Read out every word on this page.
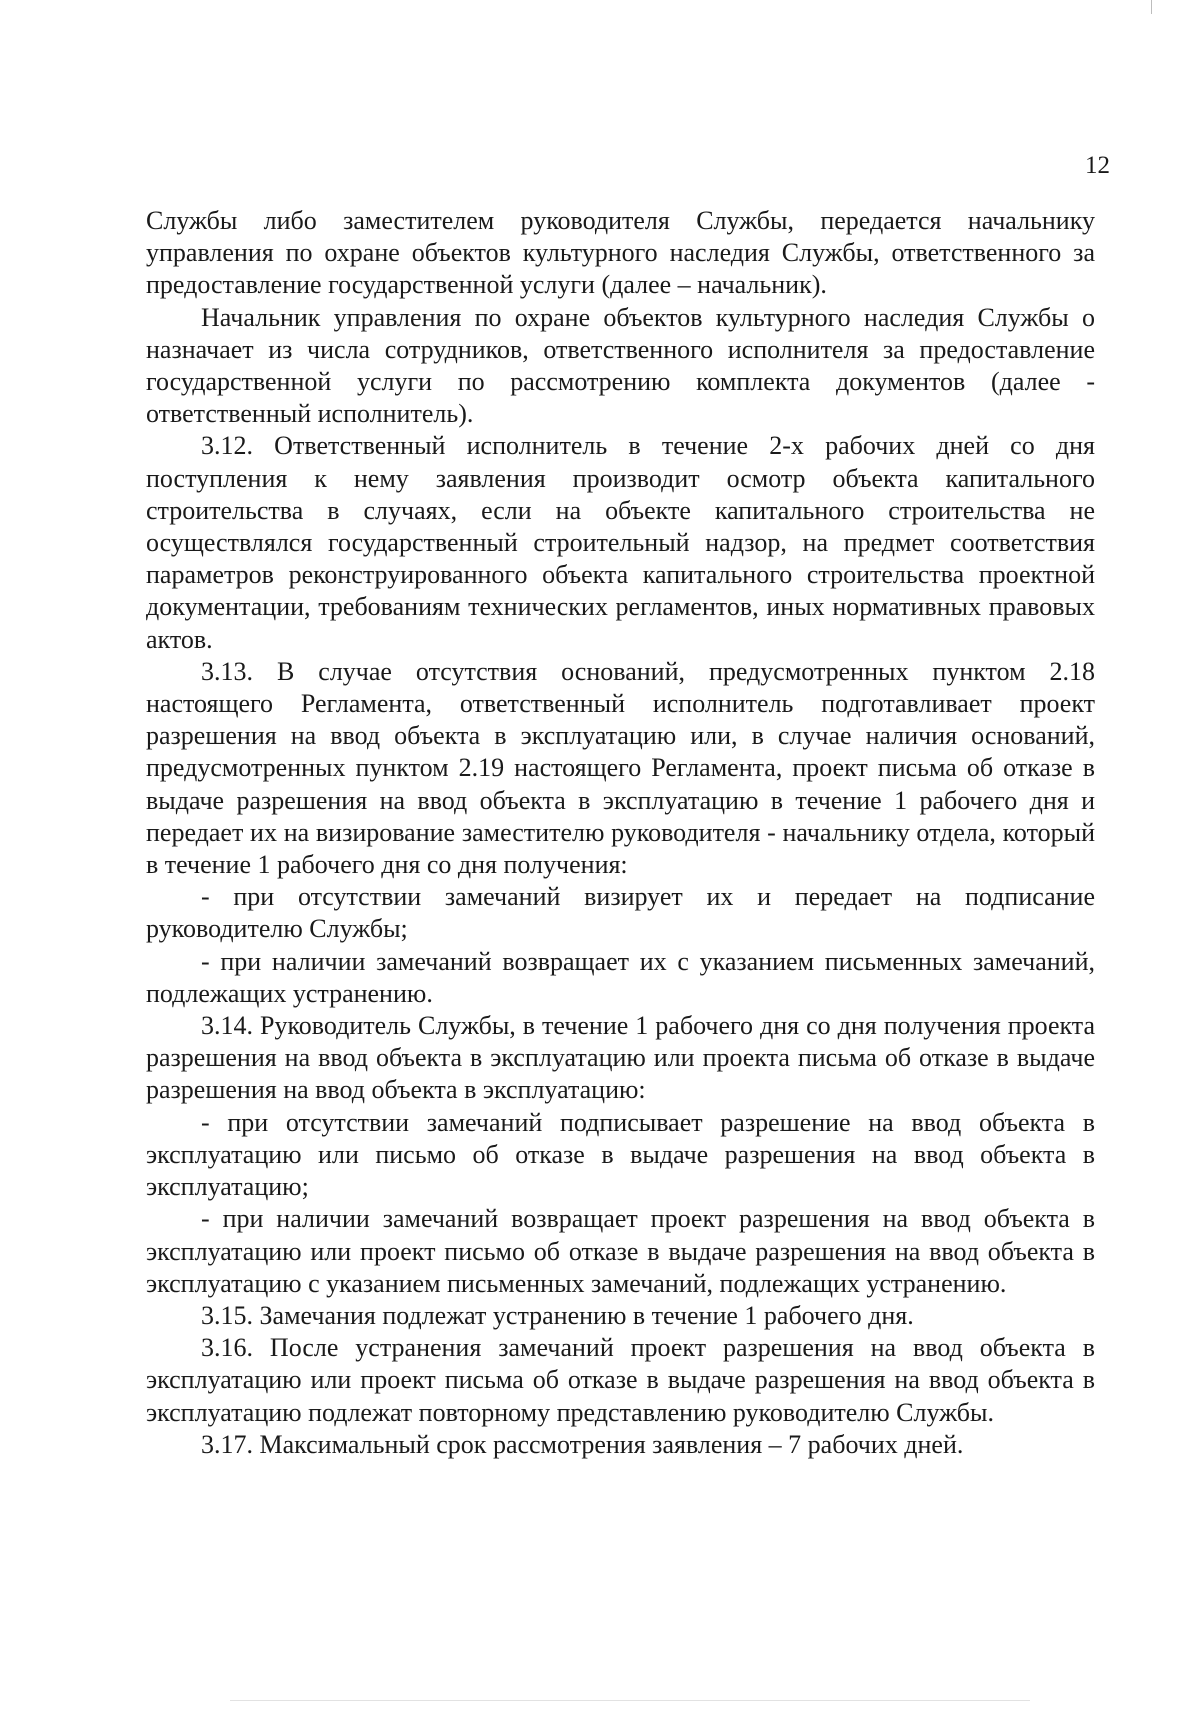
12

Службы либо заместителем руководителя Службы, передается начальнику управления по охране объектов культурного наследия Службы, ответственного за предоставление государственной услуги (далее – начальник).

Начальник управления по охране объектов культурного наследия Службы о назначает из числа сотрудников, ответственного исполнителя за предоставление государственной услуги по рассмотрению комплекта документов (далее - ответственный исполнитель).

3.12. Ответственный исполнитель в течение 2-х рабочих дней со дня поступления к нему заявления производит осмотр объекта капитального строительства в случаях, если на объекте капитального строительства не осуществлялся государственный строительный надзор, на предмет соответствия параметров реконструированного объекта капитального строительства проектной документации, требованиям технических регламентов, иных нормативных правовых актов.

3.13. В случае отсутствия оснований, предусмотренных пунктом 2.18 настоящего Регламента, ответственный исполнитель подготавливает проект разрешения на ввод объекта в эксплуатацию или, в случае наличия оснований, предусмотренных пунктом 2.19 настоящего Регламента, проект письма об отказе в выдаче разрешения на ввод объекта в эксплуатацию в течение 1 рабочего дня и передает их на визирование заместителю руководителя - начальнику отдела, который в течение 1 рабочего дня со дня получения:

- при отсутствии замечаний визирует их и передает на подписание руководителю Службы;

- при наличии замечаний возвращает их с указанием письменных замечаний, подлежащих устранению.

3.14. Руководитель Службы, в течение 1 рабочего дня со дня получения проекта разрешения на ввод объекта в эксплуатацию или проекта письма об отказе в выдаче разрешения на ввод объекта в эксплуатацию:

- при отсутствии замечаний подписывает разрешение на ввод объекта в эксплуатацию или письмо об отказе в выдаче разрешения на ввод объекта в эксплуатацию;

- при наличии замечаний возвращает проект разрешения на ввод объекта в эксплуатацию или проект письмо об отказе в выдаче разрешения на ввод объекта в эксплуатацию с указанием письменных замечаний, подлежащих устранению.

3.15. Замечания подлежат устранению в течение 1 рабочего дня.

3.16. После устранения замечаний проект разрешения на ввод объекта в эксплуатацию или проект письма об отказе в выдаче разрешения на ввод объекта в эксплуатацию подлежат повторному представлению руководителю Службы.

3.17. Максимальный срок рассмотрения заявления – 7 рабочих дней.
